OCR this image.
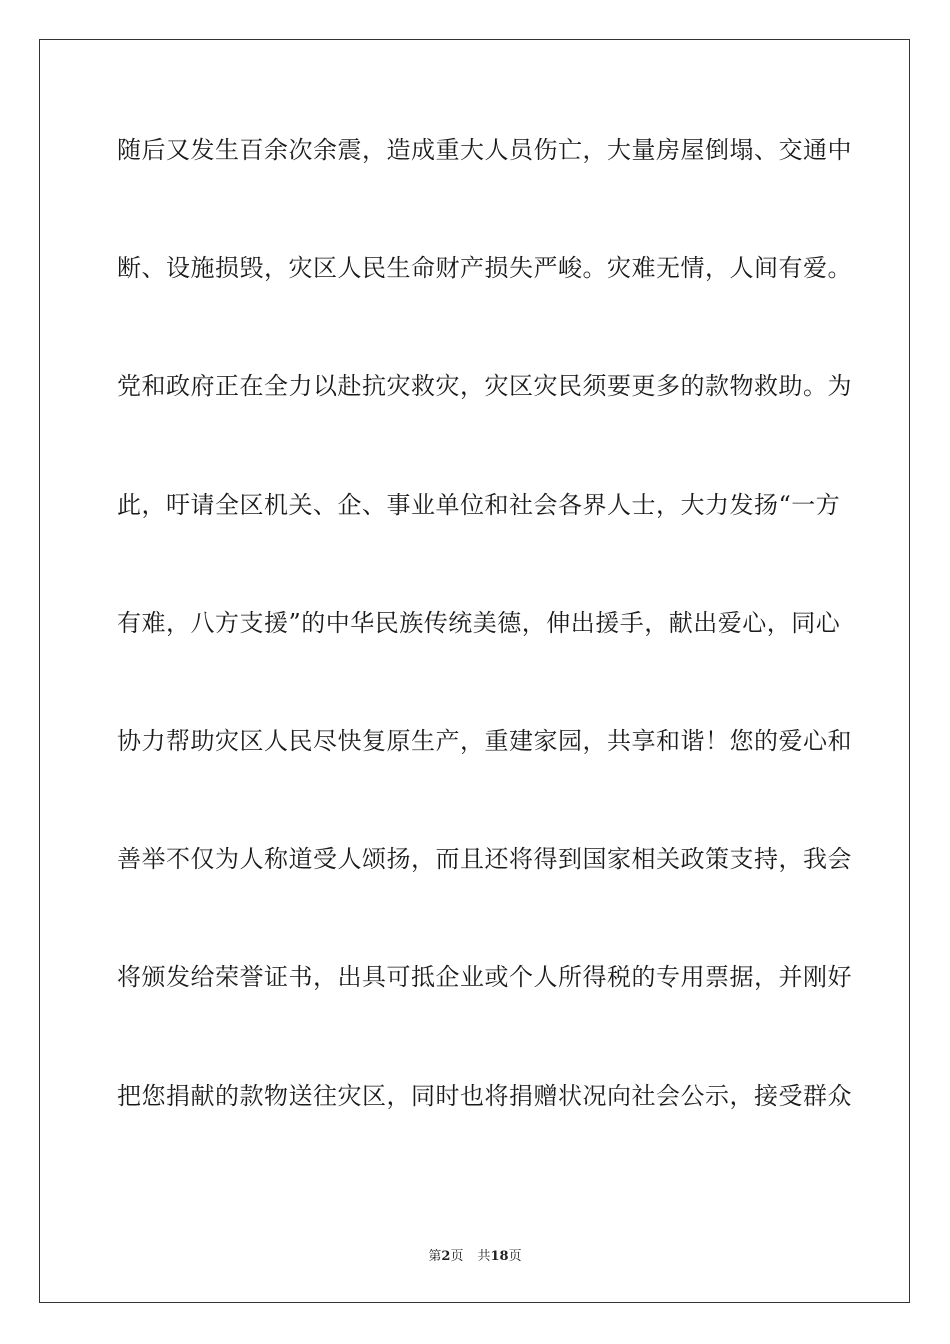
随后又发生百余次余震，造成重大人员伤亡，大量房屋倒塌、交通中
断、设施损毁，灾区人民生命财产损失严峻。灾难无情，人间有爱。
党和政府正在全力以赴抗灾救灾，灾区灾民须要更多的款物救助。为
此，吁请全区机关、企、事业单位和社会各界人士，大力发扬“一方
有难，八方支援”的中华民族传统美德，伸出援手，献出爱心，同心
协力帮助灾区人民尽快复原生产，重建家园，共享和谐！您的爱心和
善举不仅为人称道受人颂扬，而且还将得到国家相关政策支持，我会
将颁发给荣誉证书，出具可抵企业或个人所得税的专用票据，并刚好
把您捐献的款物送往灾区，同时也将捐赠状况向社会公示，接受群众
第2页 共18页
